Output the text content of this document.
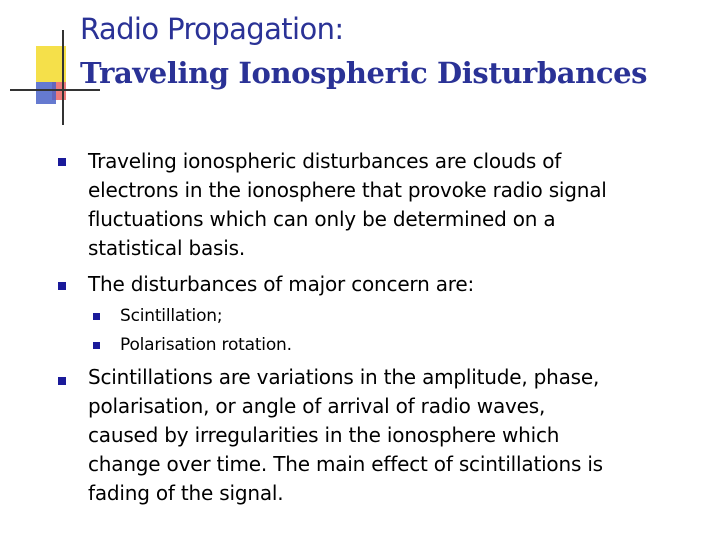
Radio Propagation:
Traveling Ionospheric Disturbances
Traveling ionospheric disturbances are clouds of
electrons in the ionosphere that provoke radio signal
fluctuations which can only be determined on a
statistical basis.
The disturbances of major concern are:
Scintillation;
Polarisation rotation.
Scintillations are variations in the amplitude, phase,
polarisation, or angle of arrival of radio waves,
caused by irregularities in the ionosphere which
change over time. The main effect of scintillations is
fading of the signal.
